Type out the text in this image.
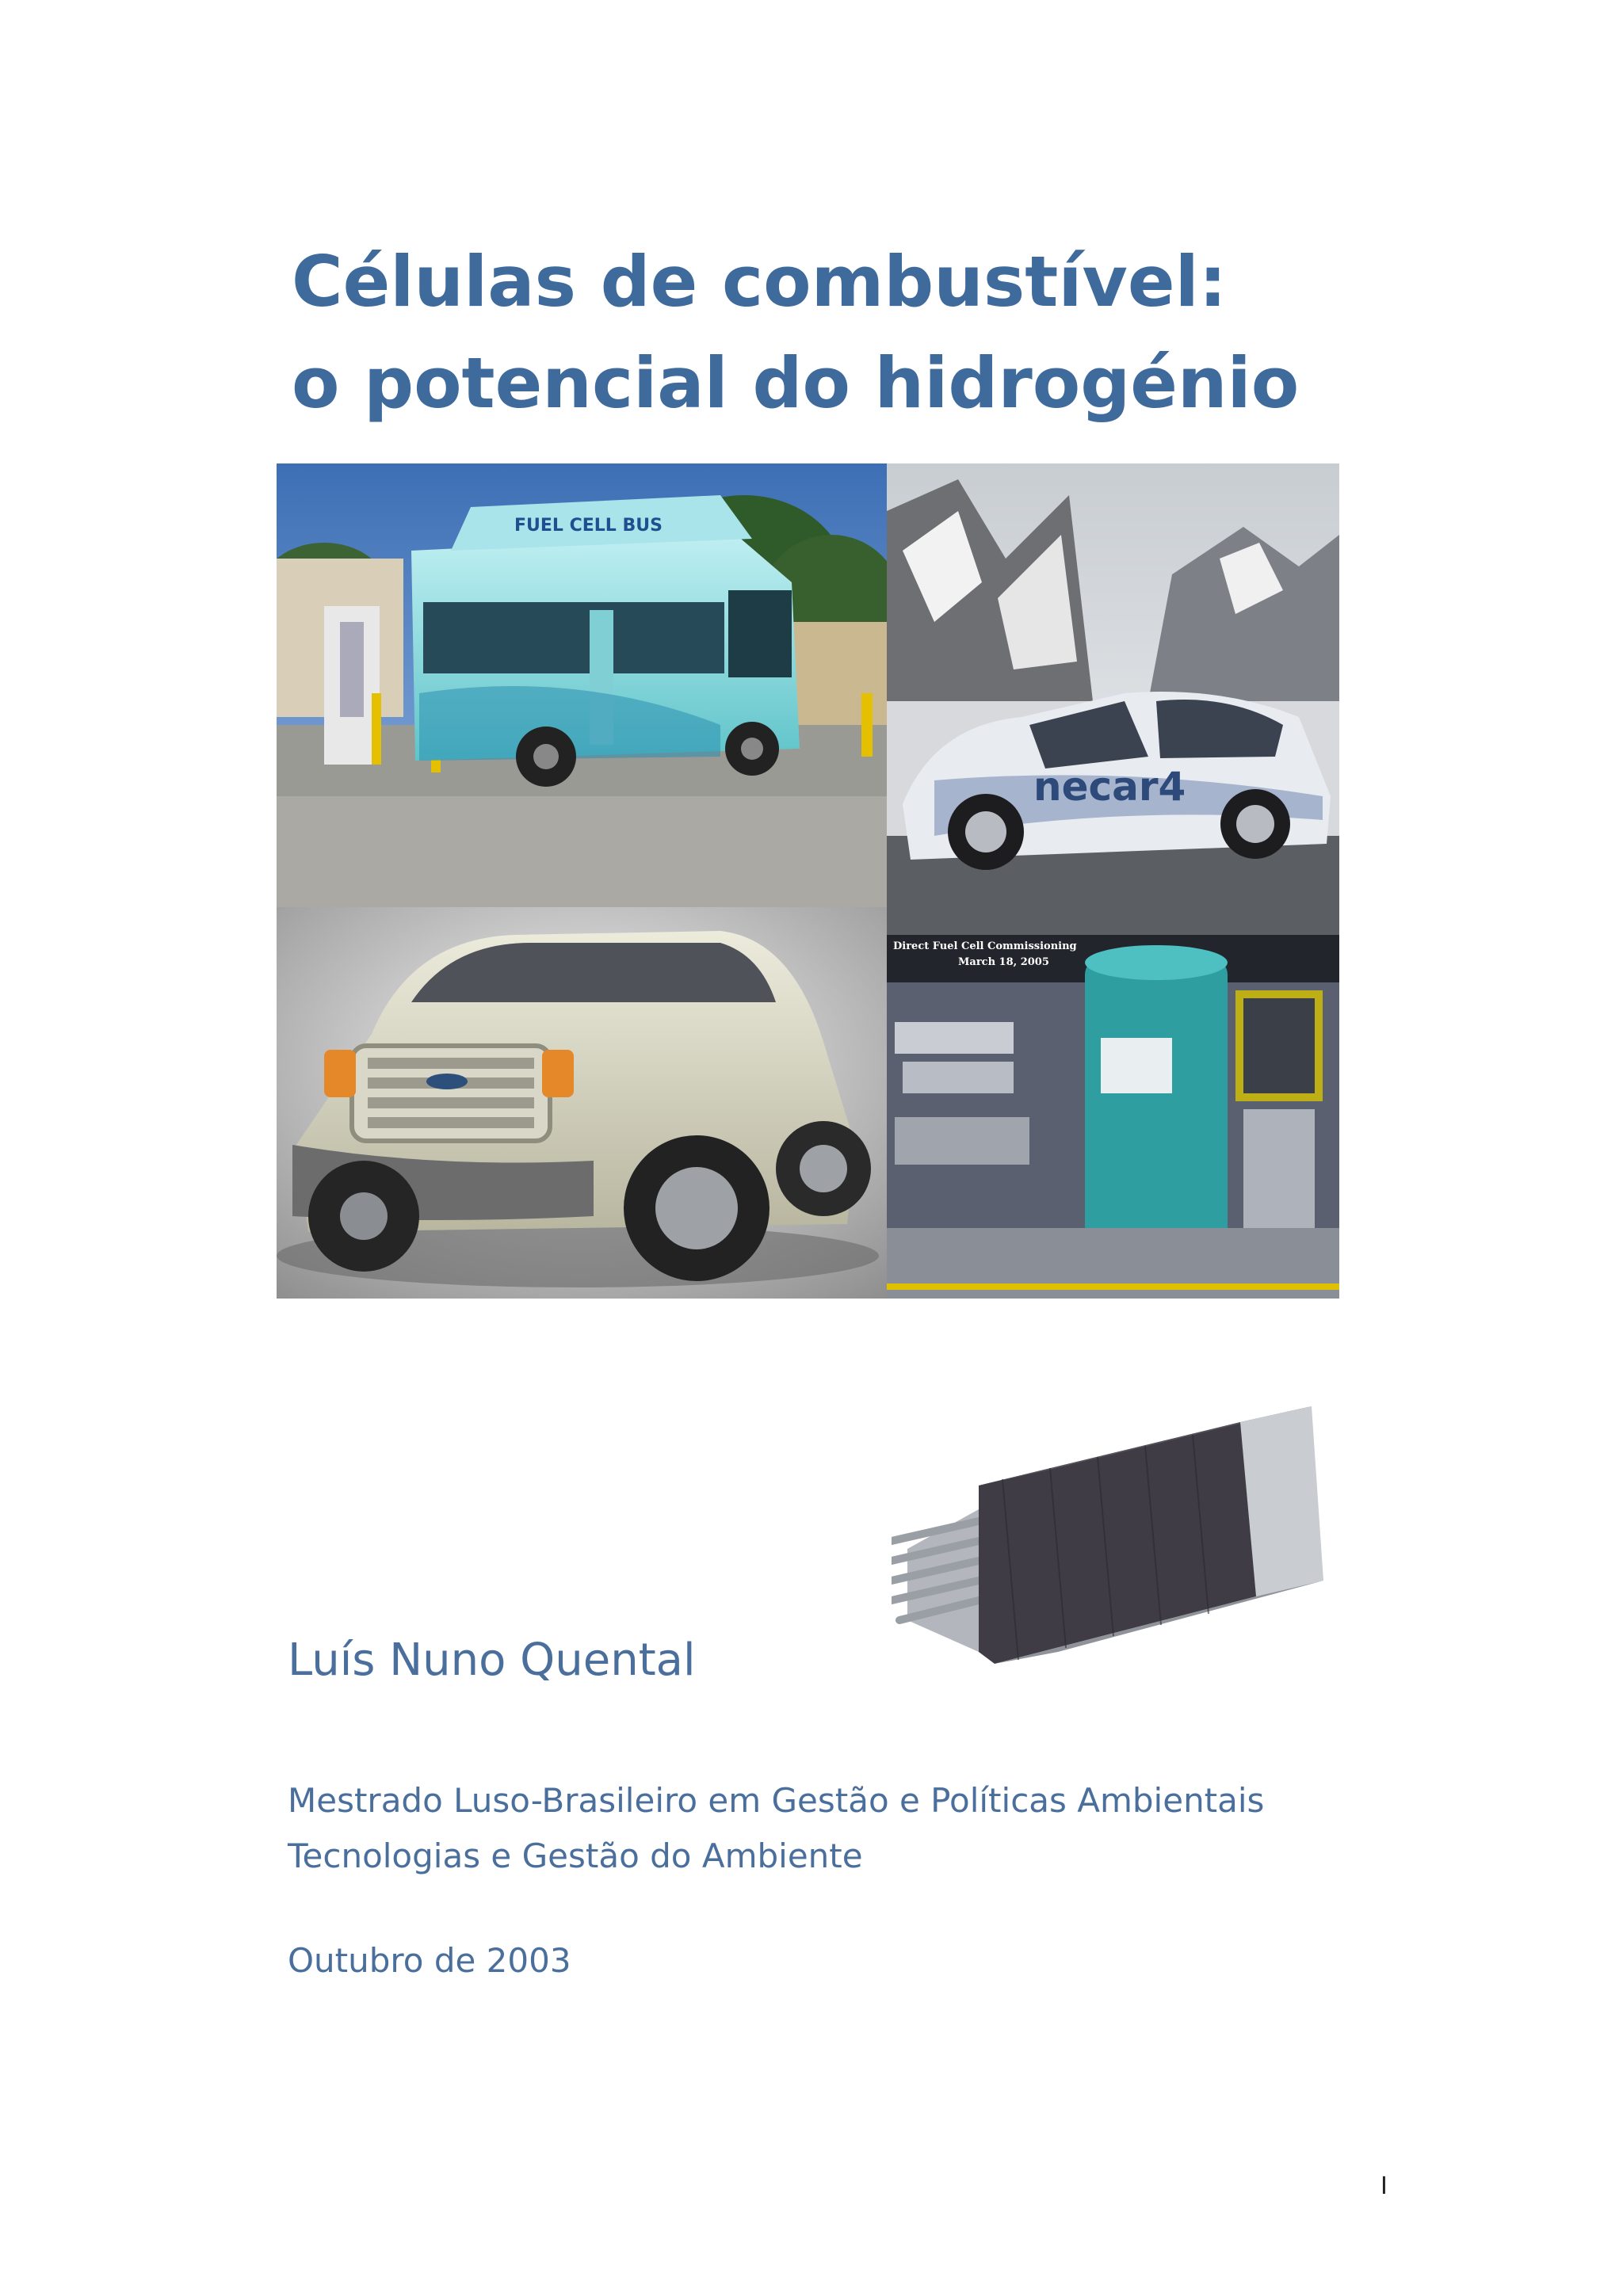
Células de combustível:
o potencial do hidrogénio
FUEL CELL BUS
necar4
Direct Fuel Cell Commissioning
March 18, 2005
Luís Nuno Quental
Mestrado Luso-Brasileiro em Gestão e Políticas Ambientais
Tecnologias e Gestão do Ambiente
Outubro de 2003
I
